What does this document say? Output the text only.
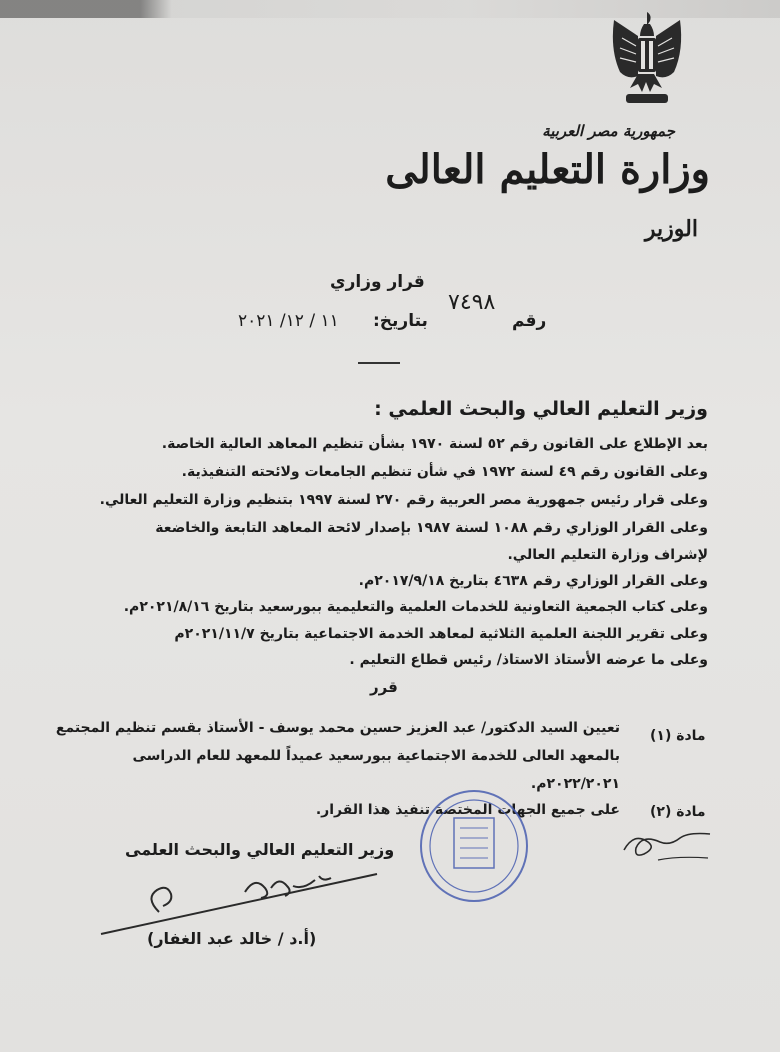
جمهورية مصر العربية
وزارة التعليم العالى
الوزير
قرار وزاري
٧٤٩٨
رقم
بتاريخ:
١١ / ١٢/ ٢٠٢١
وزير التعليم العالي والبحث العلمي :
بعد الإطلاع على القانون رقم ٥٢ لسنة ١٩٧٠ بشأن تنظيم المعاهد العالية الخاصة.
وعلى القانون رقم ٤٩ لسنة ١٩٧٢ في شأن تنظيم الجامعات ولائحته التنفيذية.
وعلى قرار رئيس جمهورية مصر العربية رقم ٢٧٠ لسنة ١٩٩٧ بتنظيم وزارة التعليم العالي.
وعلى القرار الوزاري رقم ١٠٨٨ لسنة ١٩٨٧ بإصدار لائحة المعاهد التابعة والخاضعة
لإشراف وزارة التعليم العالي.
وعلى القرار الوزاري رقم ٤٦٣٨ بتاريخ ٢٠١٧/٩/١٨م.
وعلى كتاب الجمعية التعاونية للخدمات العلمية والتعليمية ببورسعيد بتاريخ ٢٠٢١/٨/١٦م.
وعلى تقرير اللجنة العلمية الثلاثية لمعاهد الخدمة الاجتماعية بتاريخ ٢٠٢١/١١/٧م
وعلى ما عرضه الأستاذ الاستاذ/ رئيس قطاع التعليم .
قرر
مادة (١)
تعيين السيد الدكتور/ عبد العزيز حسين محمد يوسف - الأستاذ بقسم تنظيم المجتمع
بالمعهد العالى للخدمة الاجتماعية ببورسعيد عميداً للمعهد للعام الدراسى
٢٠٢٢/٢٠٢١م.
مادة (٢)
على جميع الجهات المختصة تنفيذ هذا القرار.
وزير التعليم العالي والبحث العلمى
(أ.د / خالد عبد الغفار)
